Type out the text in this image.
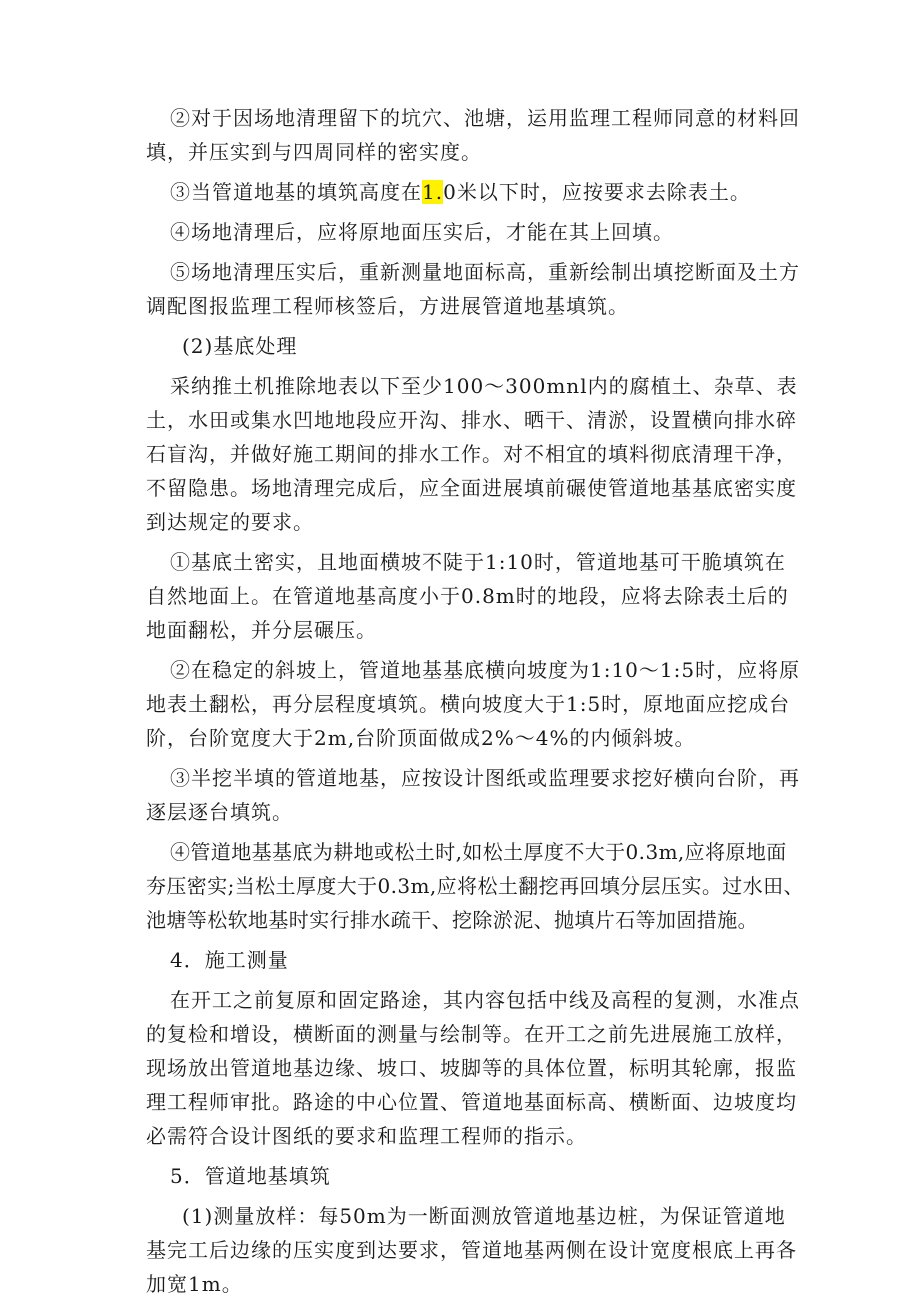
②对于因场地清理留下的坑穴、池塘，运用监理工程师同意的材料回填，并压实到与四周同样的密实度。

③当管道地基的填筑高度在1.0米以下时，应按要求去除表土。

④场地清理后，应将原地面压实后，才能在其上回填。

⑤场地清理压实后，重新测量地面标高，重新绘制出填挖断面及土方调配图报监理工程师核签后，方进展管道地基填筑。

(2)基底处理

采纳推土机推除地表以下至少100～300mnl内的腐植土、杂草、表土，水田或集水凹地地段应开沟、排水、晒干、清淤，设置横向排水碎石盲沟，并做好施工期间的排水工作。对不相宜的填料彻底清理干净，不留隐患。场地清理完成后，应全面进展填前碾使管道地基基底密实度到达规定的要求。

①基底土密实，且地面横坡不陡于1:10时，管道地基可干脆填筑在自然地面上。在管道地基高度小于0.8m时的地段，应将去除表土后的地面翻松，并分层碾压。

②在稳定的斜坡上，管道地基基底横向坡度为1:10～1:5时，应将原地表土翻松，再分层程度填筑。横向坡度大于1:5时，原地面应挖成台阶，台阶宽度大于2m,台阶顶面做成2%～4%的内倾斜坡。

③半挖半填的管道地基，应按设计图纸或监理要求挖好横向台阶，再逐层逐台填筑。

④管道地基基底为耕地或松土时,如松土厚度不大于0.3m,应将原地面夯压密实;当松土厚度大于0.3m,应将松土翻挖再回填分层压实。过水田、池塘等松软地基时实行排水疏干、挖除淤泥、抛填片石等加固措施。

4．施工测量

在开工之前复原和固定路途，其内容包括中线及高程的复测，水准点的复检和增设，横断面的测量与绘制等。在开工之前先进展施工放样，现场放出管道地基边缘、坡口、坡脚等的具体位置，标明其轮廓，报监理工程师审批。路途的中心位置、管道地基面标高、横断面、边坡度均必需符合设计图纸的要求和监理工程师的指示。

5．管道地基填筑

(1)测量放样：每50m为一断面测放管道地基边桩，为保证管道地基完工后边缘的压实度到达要求，管道地基两侧在设计宽度根底上再各加宽1m。
